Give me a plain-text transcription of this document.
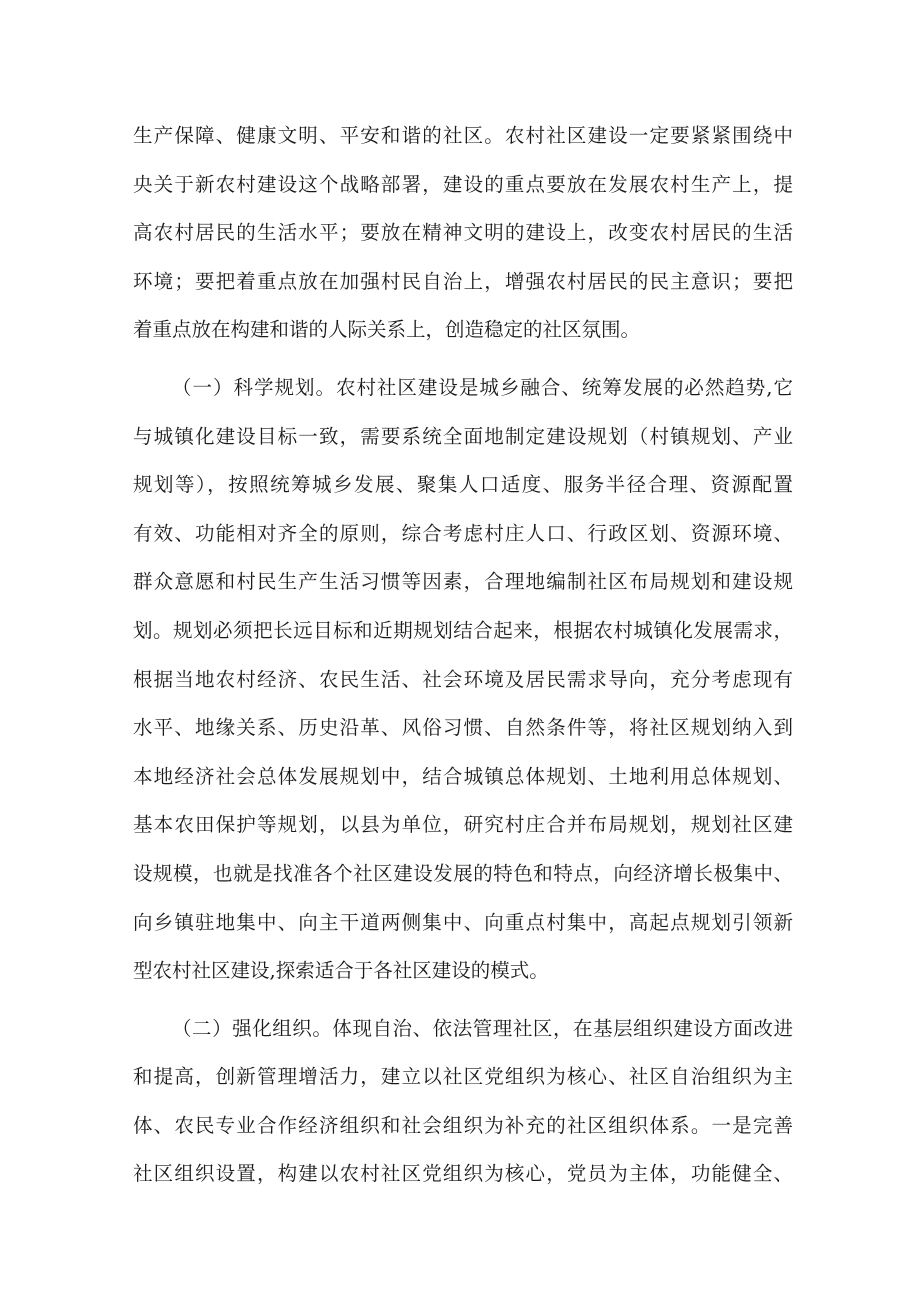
生产保障、健康文明、平安和谐的社区。农村社区建设一定要紧紧围绕中
央关于新农村建设这个战略部署，建设的重点要放在发展农村生产上，提
高农村居民的生活水平；要放在精神文明的建设上，改变农村居民的生活
环境；要把着重点放在加强村民自治上，增强农村居民的民主意识；要把
着重点放在构建和谐的人际关系上，创造稳定的社区氛围。
（一）科学规划。农村社区建设是城乡融合、统筹发展的必然趋势,它
与城镇化建设目标一致，需要系统全面地制定建设规划（村镇规划、产业
规划等），按照统筹城乡发展、聚集人口适度、服务半径合理、资源配置
有效、功能相对齐全的原则，综合考虑村庄人口、行政区划、资源环境、
群众意愿和村民生产生活习惯等因素，合理地编制社区布局规划和建设规
划。规划必须把长远目标和近期规划结合起来，根据农村城镇化发展需求，
根据当地农村经济、农民生活、社会环境及居民需求导向，充分考虑现有
水平、地缘关系、历史沿革、风俗习惯、自然条件等，将社区规划纳入到
本地经济社会总体发展规划中，结合城镇总体规划、土地利用总体规划、
基本农田保护等规划，以县为单位，研究村庄合并布局规划，规划社区建
设规模，也就是找准各个社区建设发展的特色和特点，向经济增长极集中、
向乡镇驻地集中、向主干道两侧集中、向重点村集中，高起点规划引领新
型农村社区建设,探索适合于各社区建设的模式。
（二）强化组织。体现自治、依法管理社区，在基层组织建设方面改进
和提高，创新管理增活力，建立以社区党组织为核心、社区自治组织为主
体、农民专业合作经济组织和社会组织为补充的社区组织体系。一是完善
社区组织设置，构建以农村社区党组织为核心，党员为主体，功能健全、
